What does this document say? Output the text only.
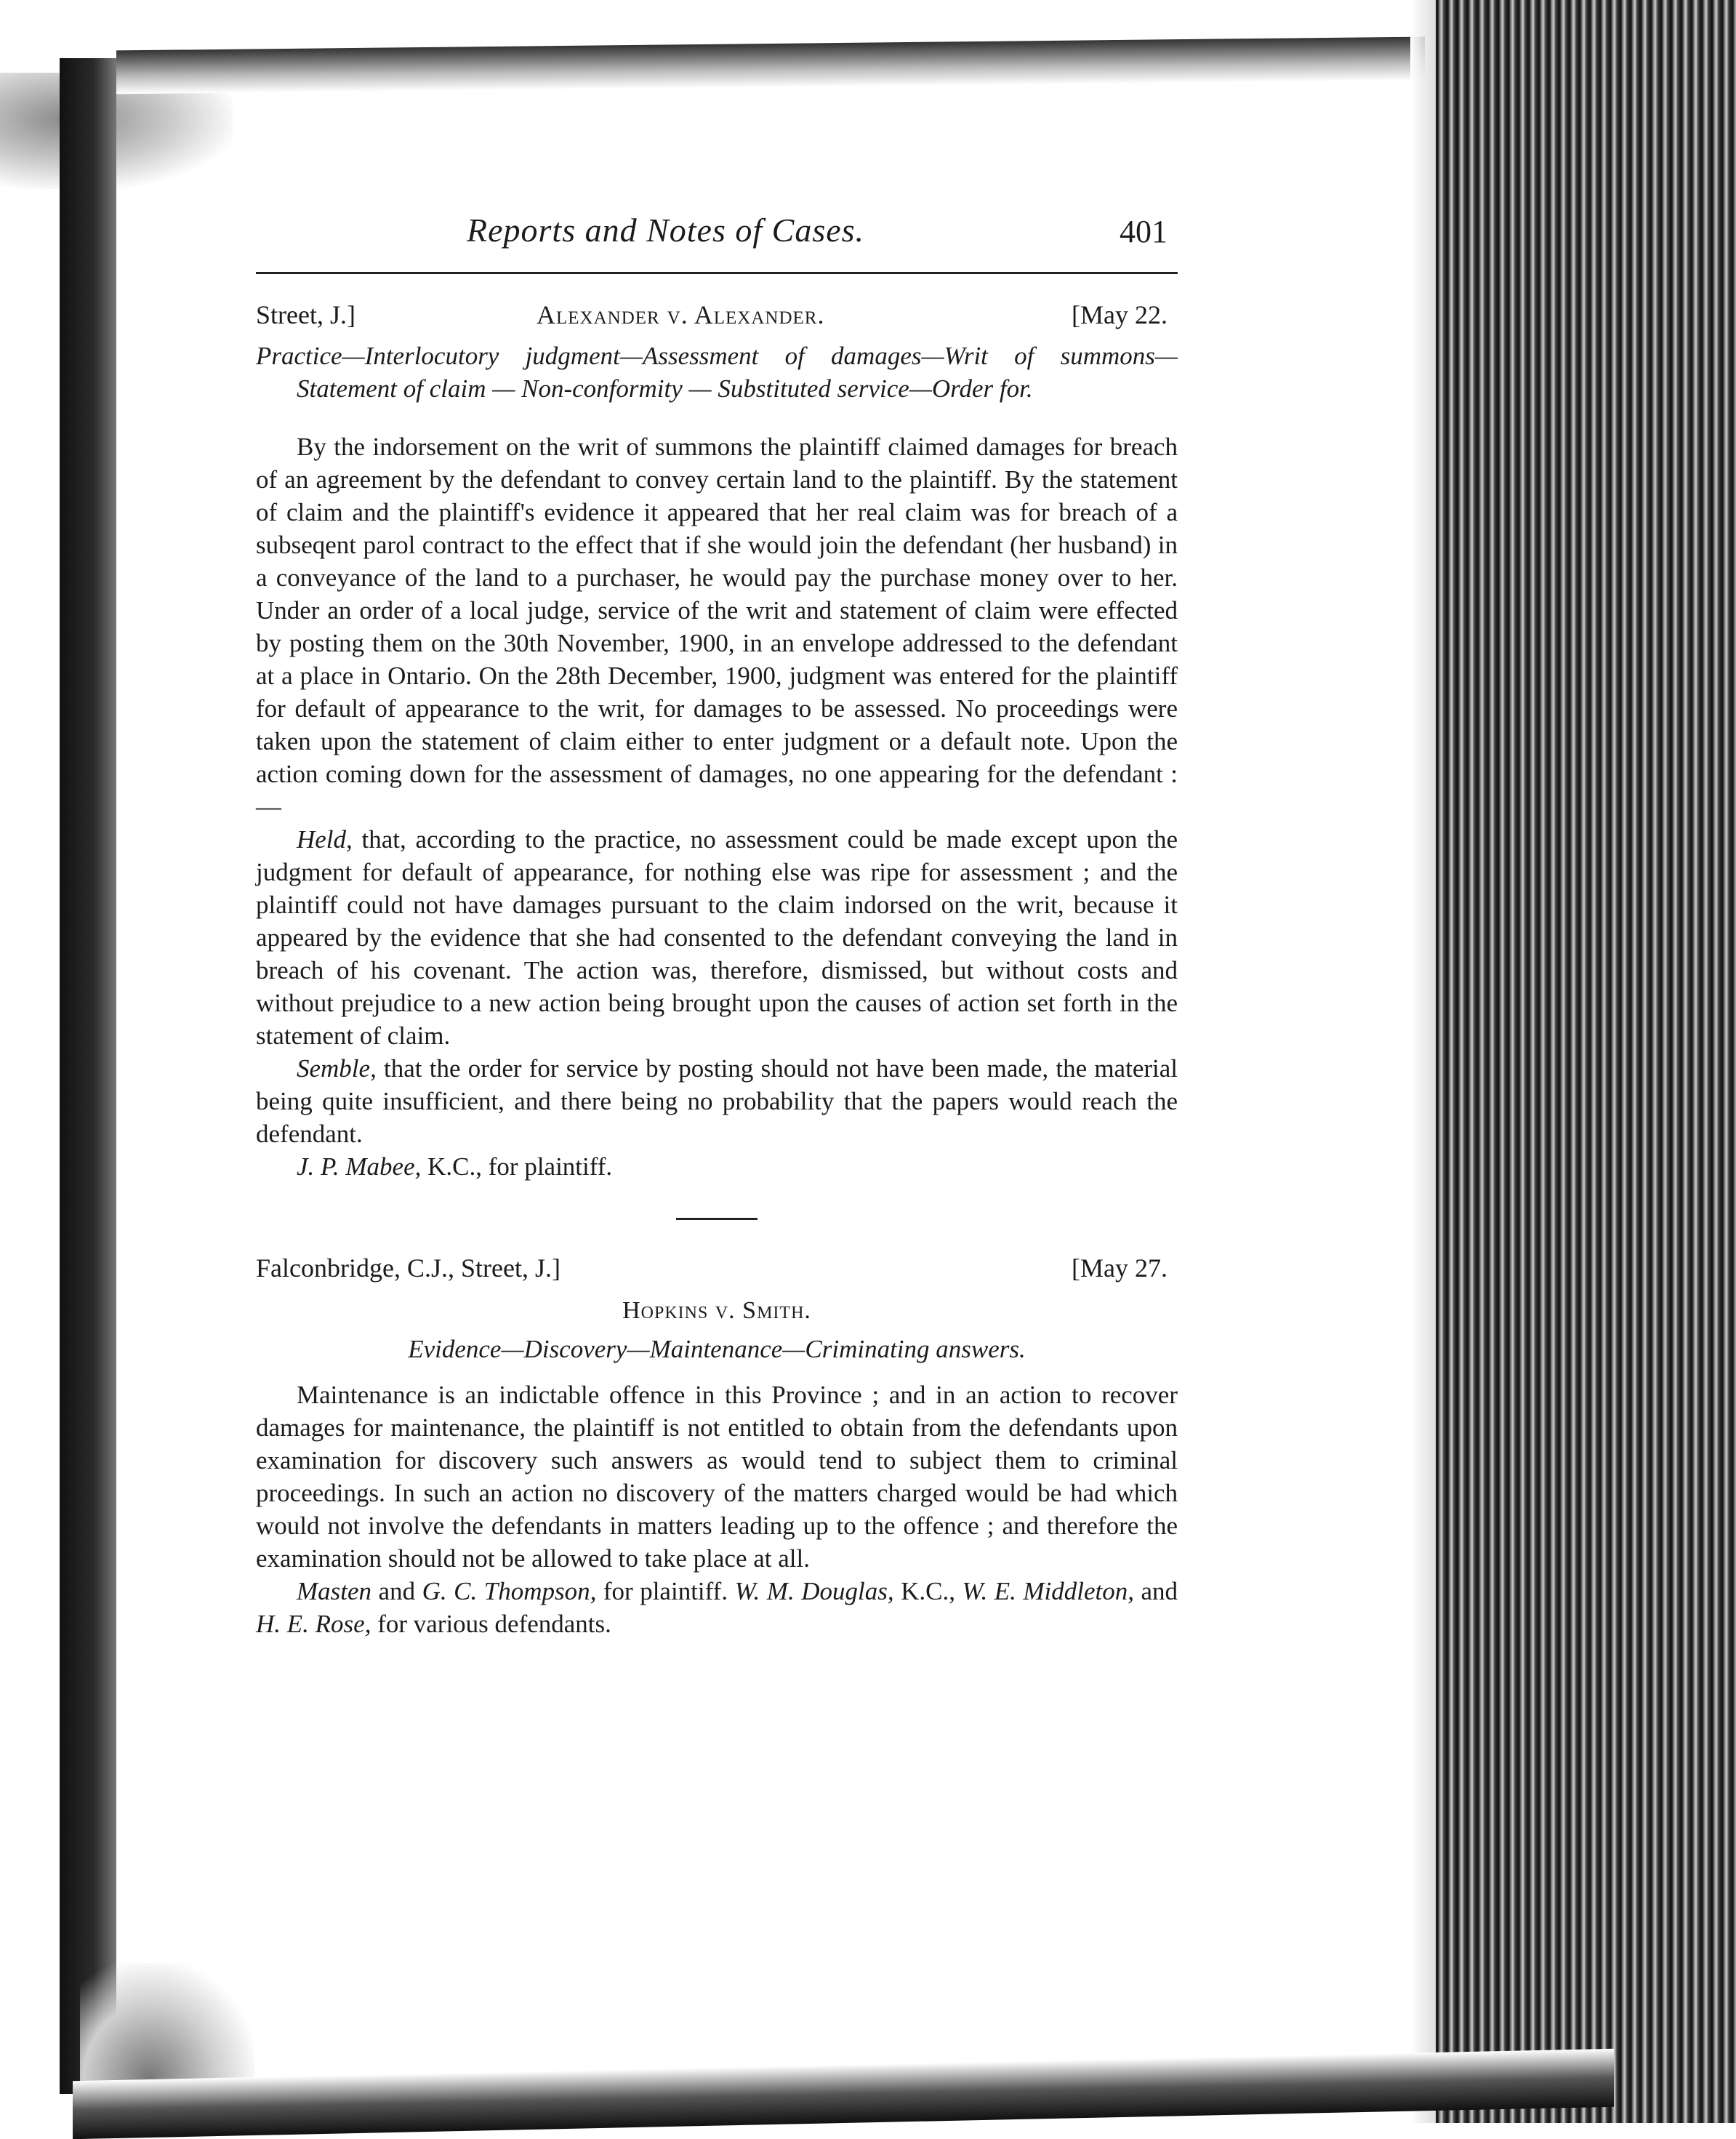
Reports and Notes of Cases.	401
Street, J.]	Alexander v. Alexander.	[May 22.

Practice—Interlocutory judgment—Assessment of damages—Writ of summons—Statement of claim — Non-conformity — Substituted service—Order for.

By the indorsement on the writ of summons the plaintiff claimed damages for breach of an agreement by the defendant to convey certain land to the plaintiff. By the statement of claim and the plaintiff's evidence it appeared that her real claim was for breach of a subseqent parol contract to the effect that if she would join the defendant (her husband) in a conveyance of the land to a purchaser, he would pay the purchase money over to her. Under an order of a local judge, service of the writ and statement of claim were effected by posting them on the 30th November, 1900, in an envelope addressed to the defendant at a place in Ontario. On the 28th December, 1900, judgment was entered for the plaintiff for default of appearance to the writ, for damages to be assessed. No proceedings were taken upon the statement of claim either to enter judgment or a default note. Upon the action coming down for the assessment of damages, no one appearing for the defendant :—

Held, that, according to the practice, no assessment could be made except upon the judgment for default of appearance, for nothing else was ripe for assessment ; and the plaintiff could not have damages pursuant to the claim indorsed on the writ, because it appeared by the evidence that she had consented to the defendant conveying the land in breach of his covenant. The action was, therefore, dismissed, but without costs and without prejudice to a new action being brought upon the causes of action set forth in the statement of claim.

Semble, that the order for service by posting should not have been made, the material being quite insufficient, and there being no probability that the papers would reach the defendant.

J. P. Mabee, K.C., for plaintiff.

Falconbridge, C.J., Street, J.]	[May 27.
Hopkins v. Smith.
Evidence—Discovery—Maintenance—Criminating answers.

Maintenance is an indictable offence in this Province ; and in an action to recover damages for maintenance, the plaintiff is not entitled to obtain from the defendants upon examination for discovery such answers as would tend to subject them to criminal proceedings. In such an action no discovery of the matters charged would be had which would not involve the defendants in matters leading up to the offence ; and therefore the examination should not be allowed to take place at all.

Masten and G. C. Thompson, for plaintiff. W. M. Douglas, K.C., W. E. Middleton, and H. E. Rose, for various defendants.
